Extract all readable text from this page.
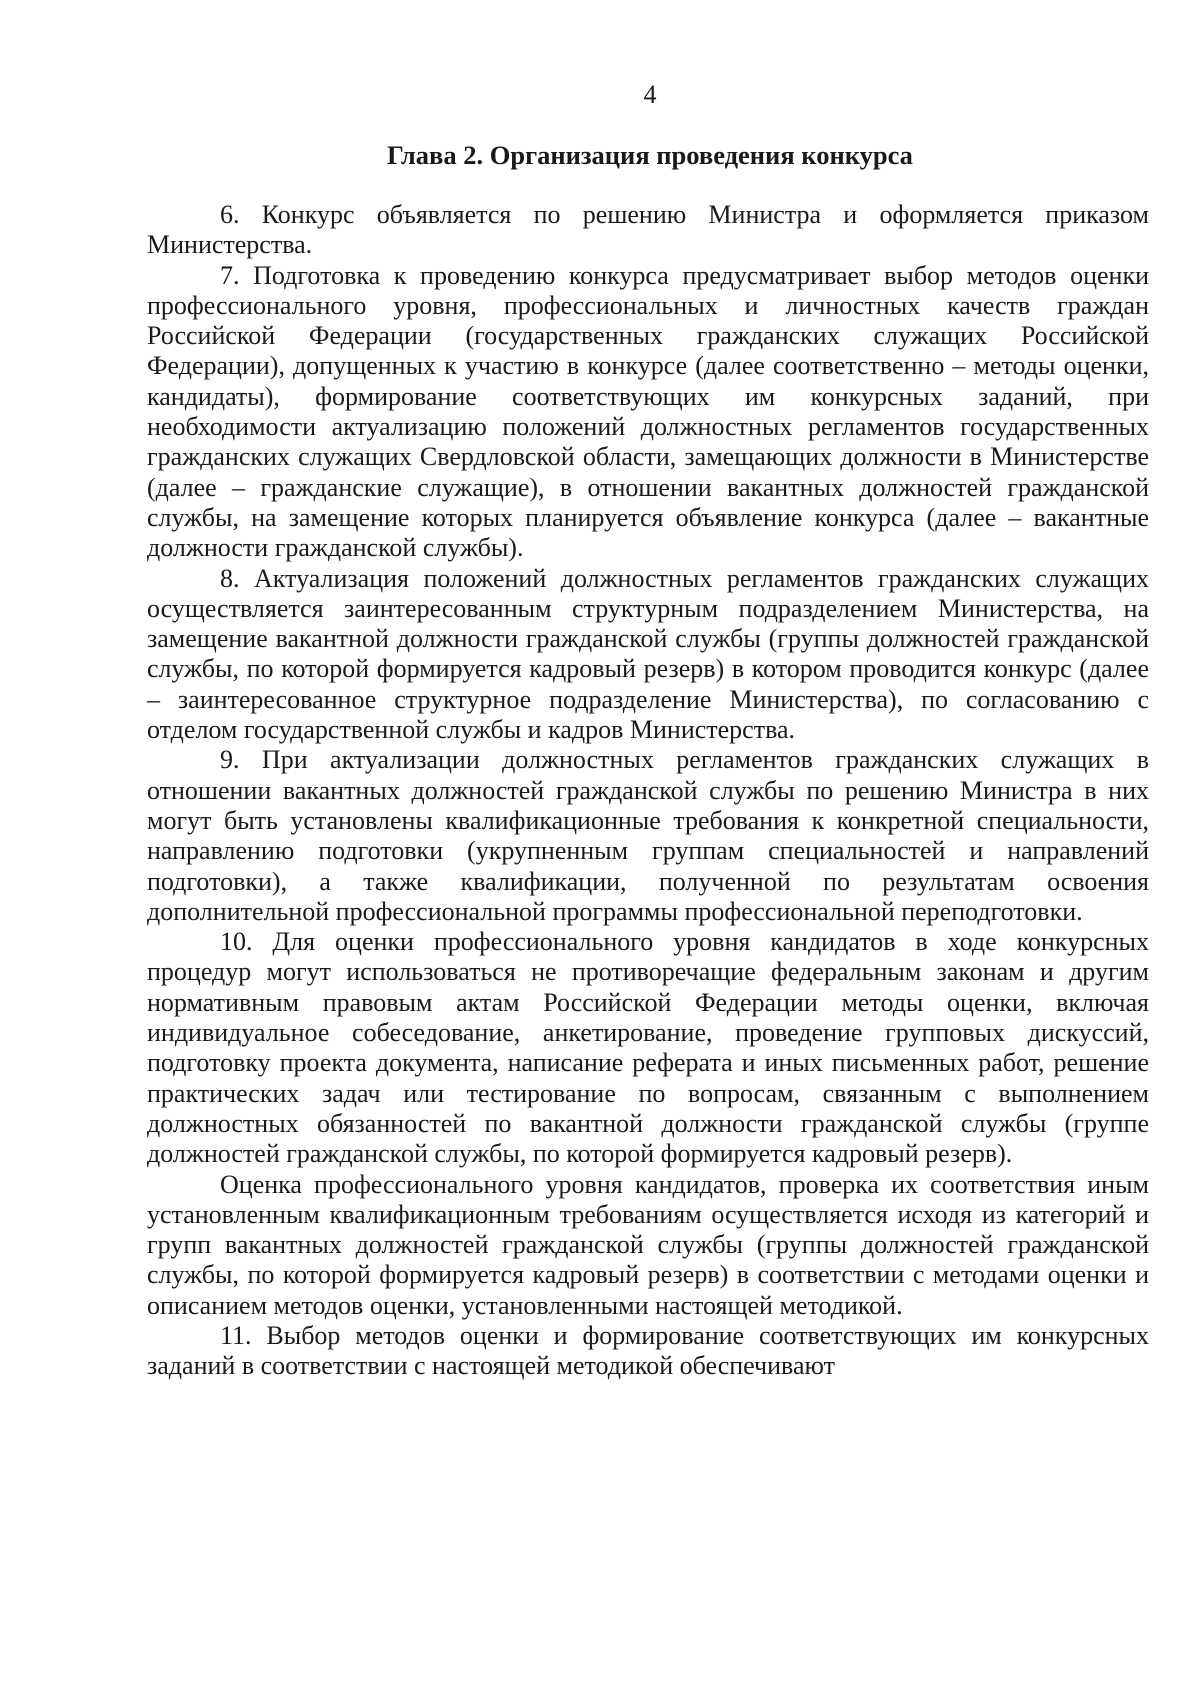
4
Глава 2. Организация проведения конкурса

6. Конкурс объявляется по решению Министра и оформляется приказом Министерства.

7. Подготовка к проведению конкурса предусматривает выбор методов оценки профессионального уровня, профессиональных и личностных качеств граждан Российской Федерации (государственных гражданских служащих Российской Федерации), допущенных к участию в конкурсе (далее соответственно – методы оценки, кандидаты), формирование соответствующих им конкурсных заданий, при необходимости актуализацию положений должностных регламентов государственных гражданских служащих Свердловской области, замещающих должности в Министерстве (далее – гражданские служащие), в отношении вакантных должностей гражданской службы, на замещение которых планируется объявление конкурса (далее – вакантные должности гражданской службы).

8. Актуализация положений должностных регламентов гражданских служащих осуществляется заинтересованным структурным подразделением Министерства, на замещение вакантной должности гражданской службы (группы должностей гражданской службы, по которой формируется кадровый резерв) в котором проводится конкурс (далее – заинтересованное структурное подразделение Министерства), по согласованию с отделом государственной службы и кадров Министерства.

9. При актуализации должностных регламентов гражданских служащих в отношении вакантных должностей гражданской службы по решению Министра в них могут быть установлены квалификационные требования к конкретной специальности, направлению подготовки (укрупненным группам специальностей и направлений подготовки), а также квалификации, полученной по результатам освоения дополнительной профессиональной программы профессиональной переподготовки.

10. Для оценки профессионального уровня кандидатов в ходе конкурсных процедур могут использоваться не противоречащие федеральным законам и другим нормативным правовым актам Российской Федерации методы оценки, включая индивидуальное собеседование, анкетирование, проведение групповых дискуссий, подготовку проекта документа, написание реферата и иных письменных работ, решение практических задач или тестирование по вопросам, связанным с выполнением должностных обязанностей по вакантной должности гражданской службы (группе должностей гражданской службы, по которой формируется кадровый резерв).

Оценка профессионального уровня кандидатов, проверка их соответствия иным установленным квалификационным требованиям осуществляется исходя из категорий и групп вакантных должностей гражданской службы (группы должностей гражданской службы, по которой формируется кадровый резерв) в соответствии с методами оценки и описанием методов оценки, установленными настоящей методикой.

11. Выбор методов оценки и формирование соответствующих им конкурсных заданий в соответствии с настоящей методикой обеспечивают
